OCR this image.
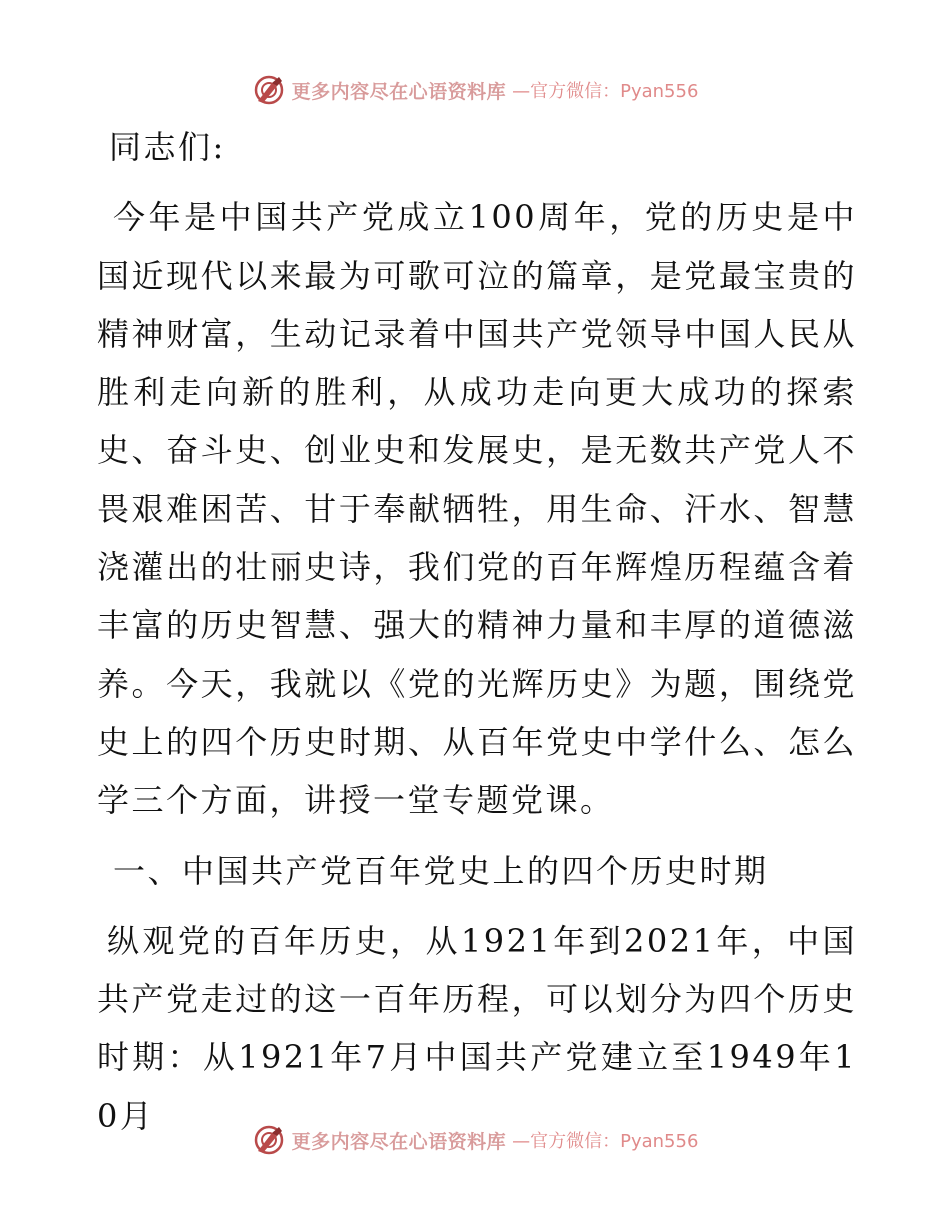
更多内容尽在心语资料库 —官方微信：Pyan556

同志们:

今年是中国共产党成立100周年，党的历史是中国近现代以来最为可歌可泣的篇章，是党最宝贵的精神财富，生动记录着中国共产党领导中国人民从胜利走向新的胜利，从成功走向更大成功的探索史、奋斗史、创业史和发展史，是无数共产党人不畏艰难困苦、甘于奉献牺牲，用生命、汗水、智慧浇灌出的壮丽史诗，我们党的百年辉煌历程蕴含着丰富的历史智慧、强大的精神力量和丰厚的道德滋养。今天，我就以《党的光辉历史》为题，围绕党史上的四个历史时期、从百年党史中学什么、怎么学三个方面，讲授一堂专题党课。

一、中国共产党百年党史上的四个历史时期

纵观党的百年历史，从1921年到2021年，中国共产党走过的这一百年历程，可以划分为四个历史时期：从1921年7月中国共产党建立至1949年10月

更多内容尽在心语资料库 —官方微信：Pyan556
